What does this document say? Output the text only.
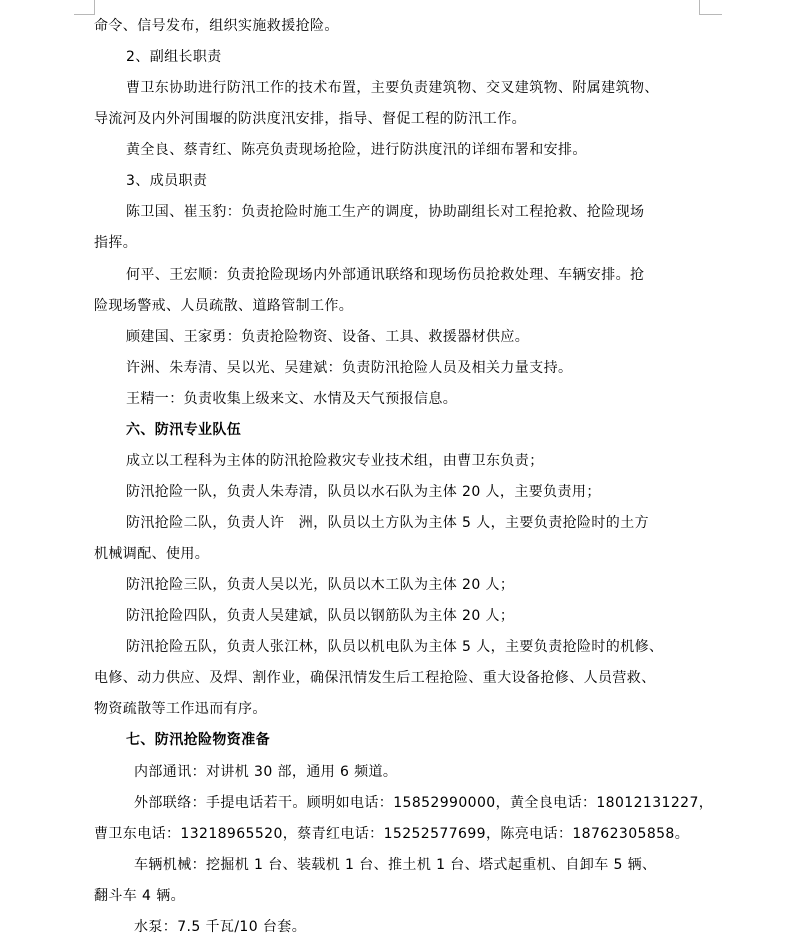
命令、信号发布，组织实施救援抢险。
2、副组长职责
曹卫东协助进行防汛工作的技术布置，主要负责建筑物、交叉建筑物、附属建筑物、
导流河及内外河围堰的防洪度汛安排，指导、督促工程的防汛工作。
黄全良、蔡青红、陈亮负责现场抢险，进行防洪度汛的详细布署和安排。
3、成员职责
陈卫国、崔玉豹：负责抢险时施工生产的调度，协助副组长对工程抢救、抢险现场
指挥。
何平、王宏顺：负责抢险现场内外部通讯联络和现场伤员抢救处理、车辆安排。抢
险现场警戒、人员疏散、道路管制工作。
顾建国、王家勇：负责抢险物资、设备、工具、救援器材供应。
许洲、朱寿清、吴以光、吴建斌：负责防汛抢险人员及相关力量支持。
王精一：负责收集上级来文、水情及天气预报信息。
六、防汛专业队伍
成立以工程科为主体的防汛抢险救灾专业技术组，由曹卫东负责；
防汛抢险一队，负责人朱寿清，队员以水石队为主体 20 人，主要负责用；
防汛抢险二队，负责人许　洲，队员以土方队为主体 5 人，主要负责抢险时的土方
机械调配、使用。
防汛抢险三队，负责人吴以光，队员以木工队为主体 20 人；
防汛抢险四队，负责人吴建斌，队员以钢筋队为主体 20 人；
防汛抢险五队，负责人张江林，队员以机电队为主体 5 人，主要负责抢险时的机修、
电修、动力供应、及焊、割作业，确保汛情发生后工程抢险、重大设备抢修、人员营救、
物资疏散等工作迅而有序。
七、防汛抢险物资准备
内部通讯：对讲机 30 部，通用 6 频道。
外部联络：手提电话若干。顾明如电话：15852990000，黄全良电话：18012131227，
曹卫东电话：13218965520，蔡青红电话：15252577699，陈亮电话：18762305858。
车辆机械：挖掘机 1 台、装载机 1 台、推土机 1 台、塔式起重机、自卸车 5 辆、
翻斗车 4 辆。
水泵：7.5 千瓦/10 台套。
